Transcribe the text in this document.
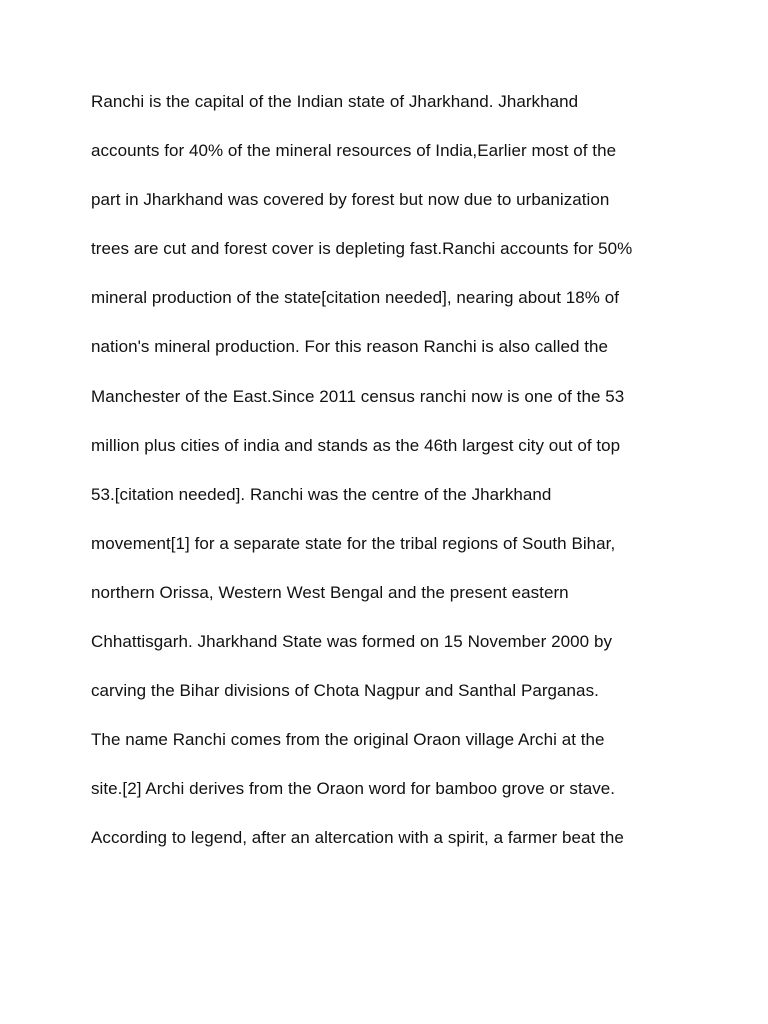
Ranchi is the capital of the Indian state of Jharkhand. Jharkhand
accounts for 40% of the mineral resources of India,Earlier most of the
part in Jharkhand was covered by forest but now due to urbanization
trees are cut and forest cover is depleting fast.Ranchi accounts for 50%
mineral production of the state[citation needed], nearing about 18% of
nation's mineral production. For this reason Ranchi is also called the
Manchester of the East.Since 2011 census ranchi now is one of the 53
million plus cities of india and stands as the 46th largest city out of top
53.[citation needed]. Ranchi was the centre of the Jharkhand
movement[1] for a separate state for the tribal regions of South Bihar,
northern Orissa, Western West Bengal and the present eastern
Chhattisgarh. Jharkhand State was formed on 15 November 2000 by
carving the Bihar divisions of Chota Nagpur and Santhal Parganas.

The name Ranchi comes from the original Oraon village Archi at the
site.[2] Archi derives from the Oraon word for bamboo grove or stave.
According to legend, after an altercation with a spirit, a farmer beat the
